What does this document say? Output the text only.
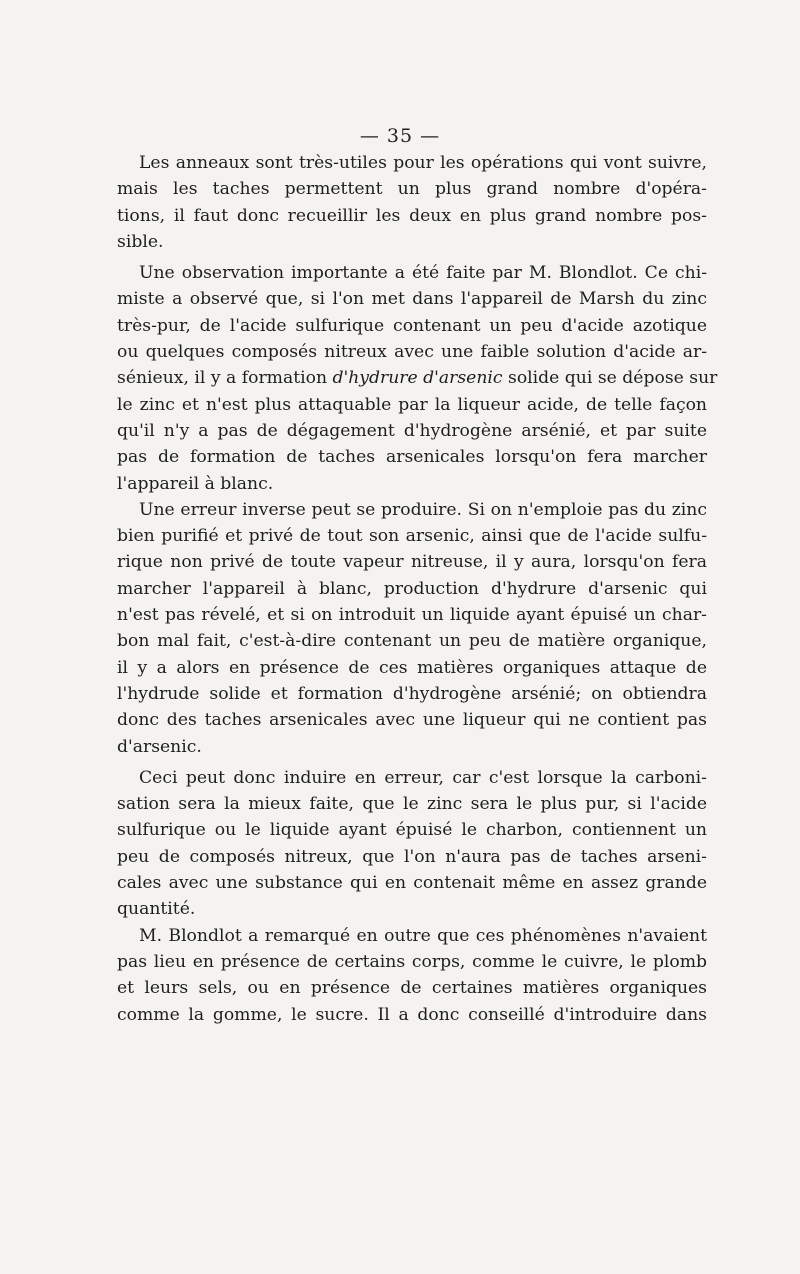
— 35 —
Les anneaux sont très-utiles pour les opérations qui vont suivre,
mais les taches permettent un plus grand nombre d'opéra-
tions, il faut donc recueillir les deux en plus grand nombre pos-
sible.
Une observation importante a été faite par M. Blondlot. Ce chi-
miste a observé que, si l'on met dans l'appareil de Marsh du zinc
très-pur, de l'acide sulfurique contenant un peu d'acide azotique
ou quelques composés nitreux avec une faible solution d'acide ar-
sénieux, il y a formation d'hydrure d'arsenic solide qui se dépose sur
le zinc et n'est plus attaquable par la liqueur acide, de telle façon
qu'il n'y a pas de dégagement d'hydrogène arsénié, et par suite
pas de formation de taches arsenicales lorsqu'on fera marcher
l'appareil à blanc.
Une erreur inverse peut se produire. Si on n'emploie pas du zinc
bien purifié et privé de tout son arsenic, ainsi que de l'acide sulfu-
rique non privé de toute vapeur nitreuse, il y aura, lorsqu'on fera
marcher l'appareil à blanc, production d'hydrure d'arsenic qui
n'est pas révelé, et si on introduit un liquide ayant épuisé un char-
bon mal fait, c'est-à-dire contenant un peu de matière organique,
il y a alors en présence de ces matières organiques attaque de
l'hydrude solide et formation d'hydrogène arsénié; on obtiendra
donc des taches arsenicales avec une liqueur qui ne contient pas
d'arsenic.
Ceci peut donc induire en erreur, car c'est lorsque la carboni-
sation sera la mieux faite, que le zinc sera le plus pur, si l'acide
sulfurique ou le liquide ayant épuisé le charbon, contiennent un
peu de composés nitreux, que l'on n'aura pas de taches arseni-
cales avec une substance qui en contenait même en assez grande
quantité.
M. Blondlot a remarqué en outre que ces phénomènes n'avaient
pas lieu en présence de certains corps, comme le cuivre, le plomb
et leurs sels, ou en présence de certaines matières organiques
comme la gomme, le sucre. Il a donc conseillé d'introduire dans
